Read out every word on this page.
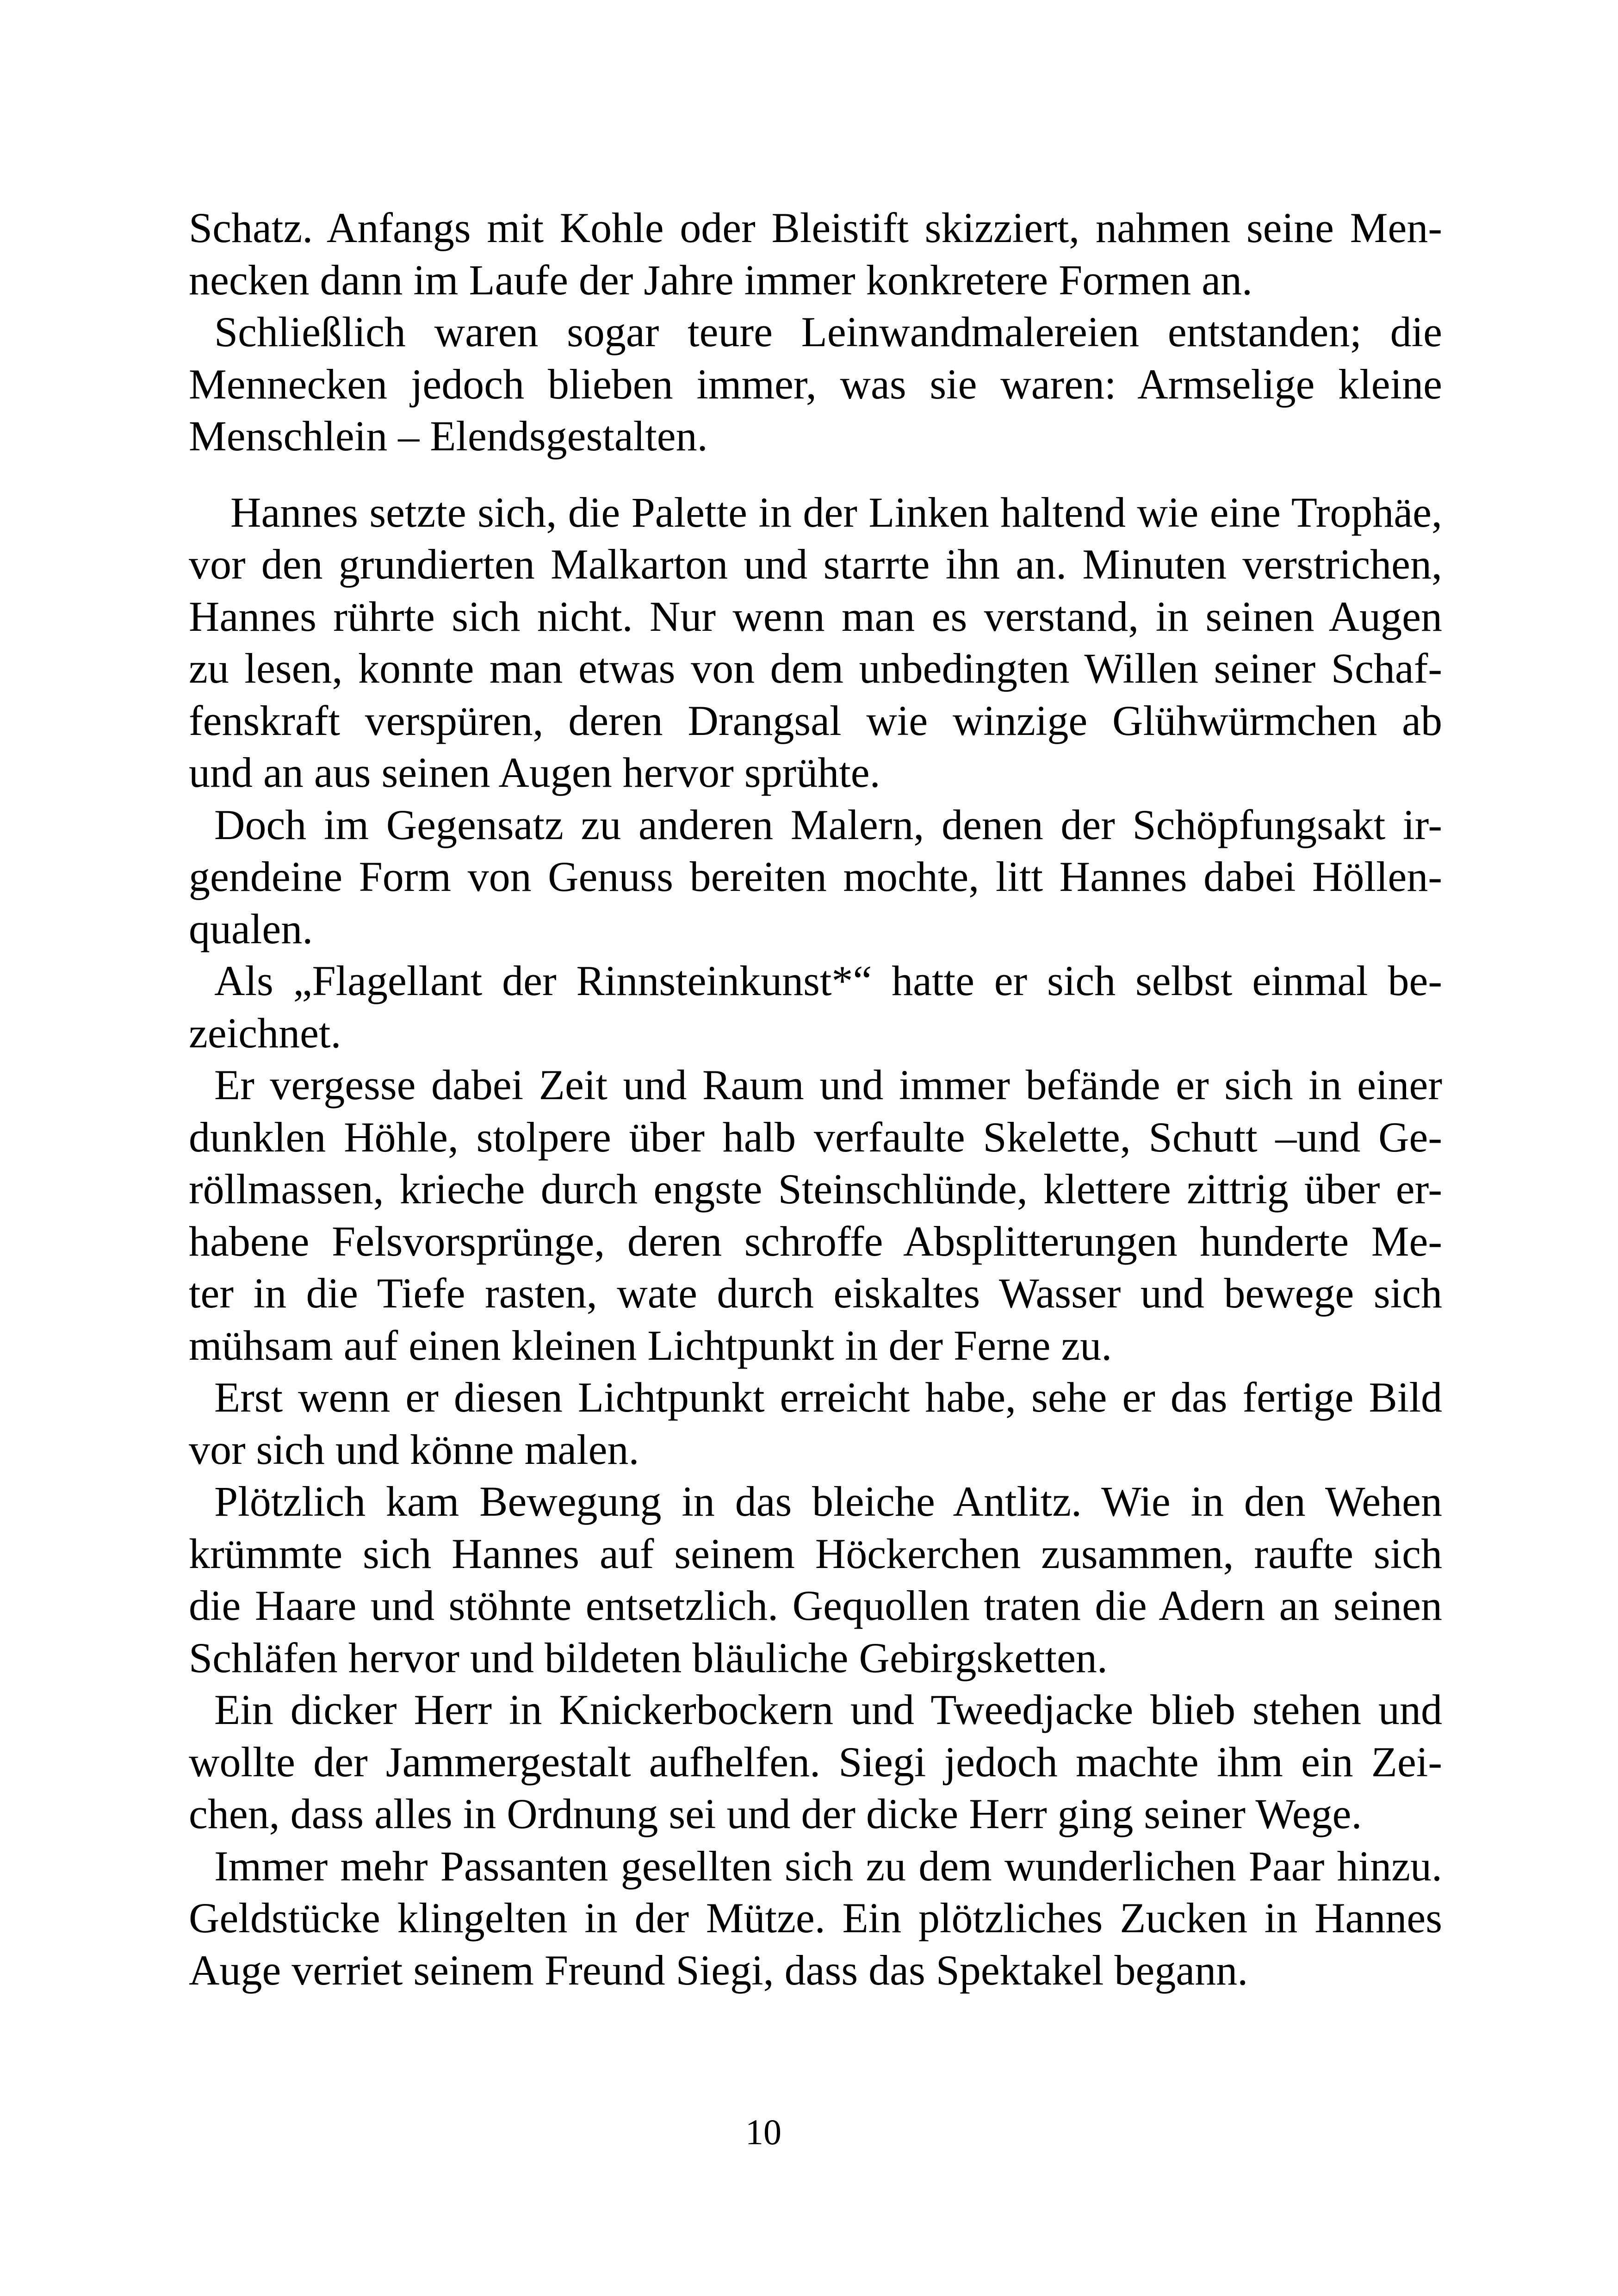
Schatz. Anfangs mit Kohle oder Bleistift skizziert, nahmen seine Men-
necken dann im Laufe der Jahre immer konkretere Formen an.

Schließlich waren sogar teure Leinwandmalereien entstanden; die
Mennecken jedoch blieben immer, was sie waren: Armselige kleine
Menschlein – Elendsgestalten.

Hannes setzte sich, die Palette in der Linken haltend wie eine Trophäe,
vor den grundierten Malkarton und starrte ihn an. Minuten verstrichen,
Hannes rührte sich nicht. Nur wenn man es verstand, in seinen Augen
zu lesen, konnte man etwas von dem unbedingten Willen seiner Schaf-
fenskraft verspüren, deren Drangsal wie winzige Glühwürmchen ab
und an aus seinen Augen hervor sprühte.

Doch im Gegensatz zu anderen Malern, denen der Schöpfungsakt ir-
gendeine Form von Genuss bereiten mochte, litt Hannes dabei Höllen-
qualen.

Als „Flagellant der Rinnsteinkunst*“ hatte er sich selbst einmal be-
zeichnet.

Er vergesse dabei Zeit und Raum und immer befände er sich in einer
dunklen Höhle, stolpere über halb verfaulte Skelette, Schutt –und Ge-
röllmassen, krieche durch engste Steinschlünde, klettere zittrig über er-
habene Felsvorsprünge, deren schroffe Absplitterungen hunderte Me-
ter in die Tiefe rasten, wate durch eiskaltes Wasser und bewege sich
mühsam auf einen kleinen Lichtpunkt in der Ferne zu.

Erst wenn er diesen Lichtpunkt erreicht habe, sehe er das fertige Bild
vor sich und könne malen.

Plötzlich kam Bewegung in das bleiche Antlitz. Wie in den Wehen
krümmte sich Hannes auf seinem Höckerchen zusammen, raufte sich
die Haare und stöhnte entsetzlich. Gequollen traten die Adern an seinen
Schläfen hervor und bildeten bläuliche Gebirgsketten.

Ein dicker Herr in Knickerbockern und Tweedjacke blieb stehen und
wollte der Jammergestalt aufhelfen. Siegi jedoch machte ihm ein Zei-
chen, dass alles in Ordnung sei und der dicke Herr ging seiner Wege.

Immer mehr Passanten gesellten sich zu dem wunderlichen Paar hinzu.
Geldstücke klingelten in der Mütze. Ein plötzliches Zucken in Hannes
Auge verriet seinem Freund Siegi, dass das Spektakel begann.

10
